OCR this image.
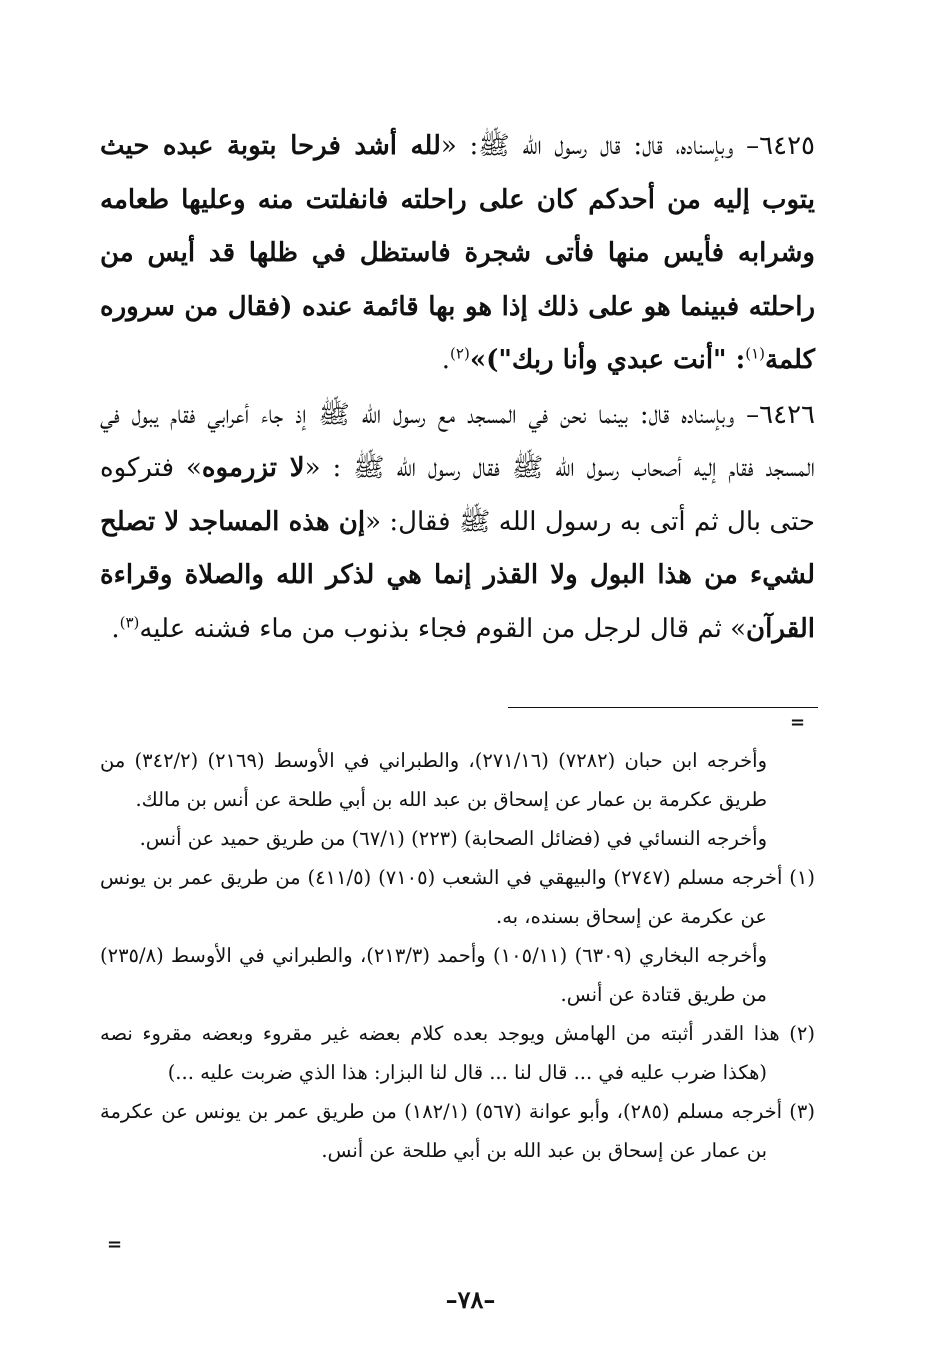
٦٤٢٥– وبإسناده، قال: قال رسول الله ﷺ: «لله أشد فرحا بتوبة عبده حيث يتوب إليه من أحدكم كان على راحلته فانفلتت منه وعليها طعامه وشرابه فأيس منها فأتى شجرة فاستظل في ظلها قد أيس من راحلته فبينما هو على ذلك إذا هو بها قائمة عنده (فقال من سروره كلمة$^{(١)}$: "أنت عبدي وأنا ربك")»$^{(٢)}$.

٦٤٢٦– وبإسناده قال: بينما نحن في المسجد مع رسول الله ﷺ إذ جاء أعرابي فقام يبول في المسجد فقام إليه أصحاب رسول الله ﷺ فقال رسول الله ﷺ : «لا تزرموه» فتركوه حتى بال ثم أتى به رسول الله ﷺ فقال: «إن هذه المساجد لا تصلح لشيء من هذا البول ولا القذر إنما هي لذكر الله والصلاة وقراءة القرآن» ثم قال لرجل من القوم فجاء بذنوب من ماء فشنه عليه$^{(٣)}$.

=

وأخرجه ابن حبان (٧٢٨٢) (٢٧١/١٦)، والطبراني في الأوسط (٢١٦٩) (٣٤٢/٢) من طريق عكرمة بن عمار عن إسحاق بن عبد الله بن أبي طلحة عن أنس بن مالك.

وأخرجه النسائي في (فضائل الصحابة) (٢٢٣) (٦٧/١) من طريق حميد عن أنس.

(١) أخرجه مسلم (٢٧٤٧) والبيهقي في الشعب (٧١٠٥) (٤١١/٥) من طريق عمر بن يونس عن عكرمة عن إسحاق بسنده، به.

وأخرجه البخاري (٦٣٠٩) (١٠٥/١١) وأحمد (٢١٣/٣)، والطبراني في الأوسط (٢٣٥/٨) من طريق قتادة عن أنس.

(٢) هذا القدر أثبته من الهامش ويوجد بعده كلام بعضه غير مقروء وبعضه مقروء نصه (هكذا ضرب عليه في ... قال لنا ... قال لنا البزار: هذا الذي ضربت عليه ...)

(٣) أخرجه مسلم (٢٨٥)، وأبو عوانة (٥٦٧) (١٨٢/١) من طريق عمر بن يونس عن عكرمة بن عمار عن إسحاق بن عبد الله بن أبي طلحة عن أنس.

=
–٧٨–
